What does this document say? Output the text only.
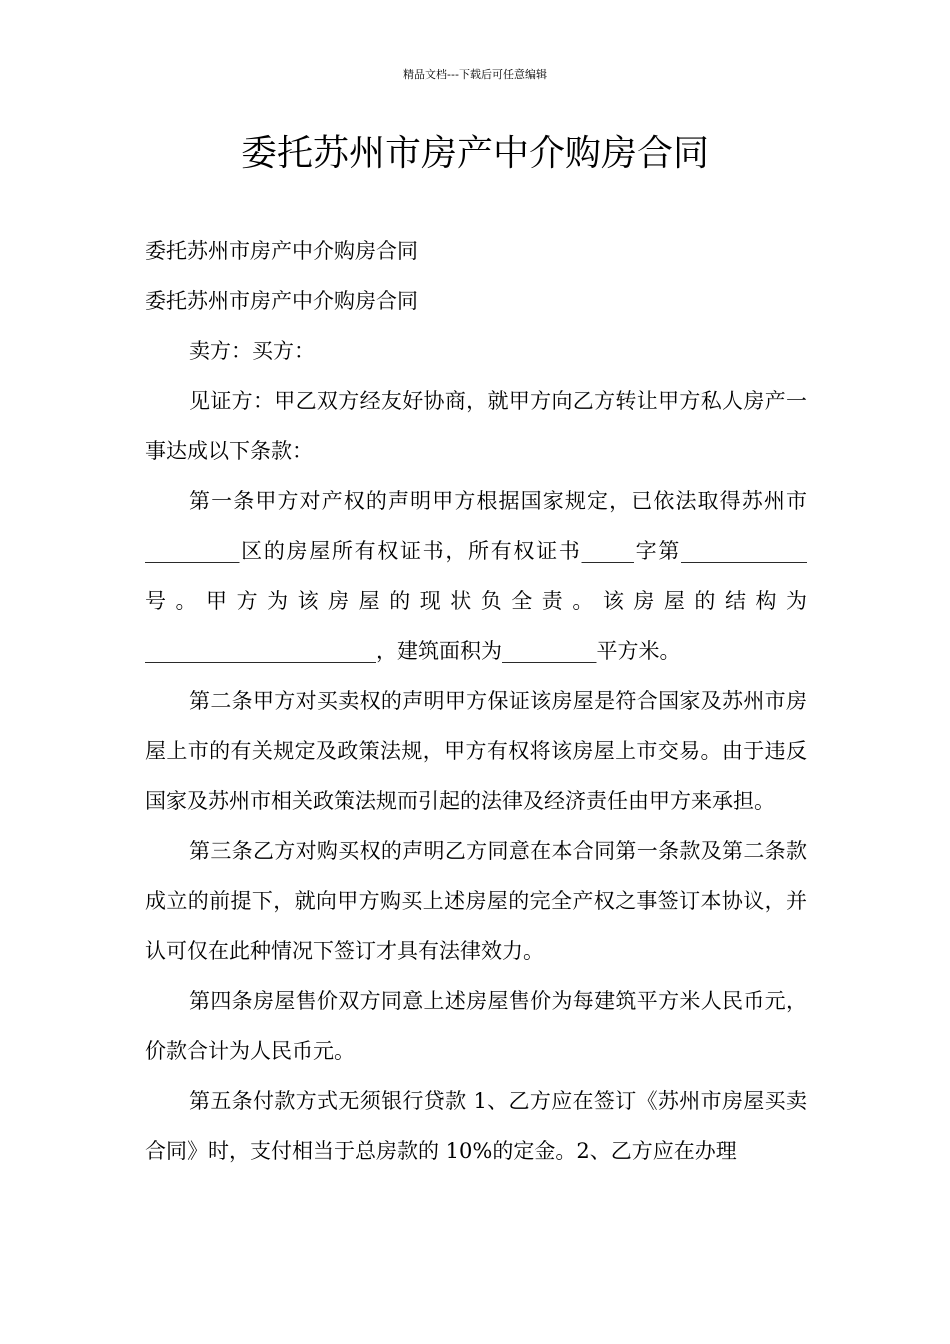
精品文档---下载后可任意编辑
委托苏州市房产中介购房合同

委托苏州市房产中介购房合同

委托苏州市房产中介购房合同

卖方：买方：

见证方：甲乙双方经友好协商，就甲方向乙方转让甲方私人房产一事达成以下条款：

第一条甲方对产权的声明甲方根据国家规定，已依法取得苏州市_________区的房屋所有权证书，所有权证书_____字第____________号。甲方为该房屋的现状负全责。该房屋的结构为______________________，建筑面积为_________平方米。

第二条甲方对买卖权的声明甲方保证该房屋是符合国家及苏州市房屋上市的有关规定及政策法规，甲方有权将该房屋上市交易。由于违反国家及苏州市相关政策法规而引起的法律及经济责任由甲方来承担。

第三条乙方对购买权的声明乙方同意在本合同第一条款及第二条款成立的前提下，就向甲方购买上述房屋的完全产权之事签订本协议，并认可仅在此种情况下签订才具有法律效力。

第四条房屋售价双方同意上述房屋售价为每建筑平方米人民币元，价款合计为人民币元。

第五条付款方式无须银行贷款 1、乙方应在签订《苏州市房屋买卖合同》时，支付相当于总房款的 10%的定金。2、乙方应在办理
